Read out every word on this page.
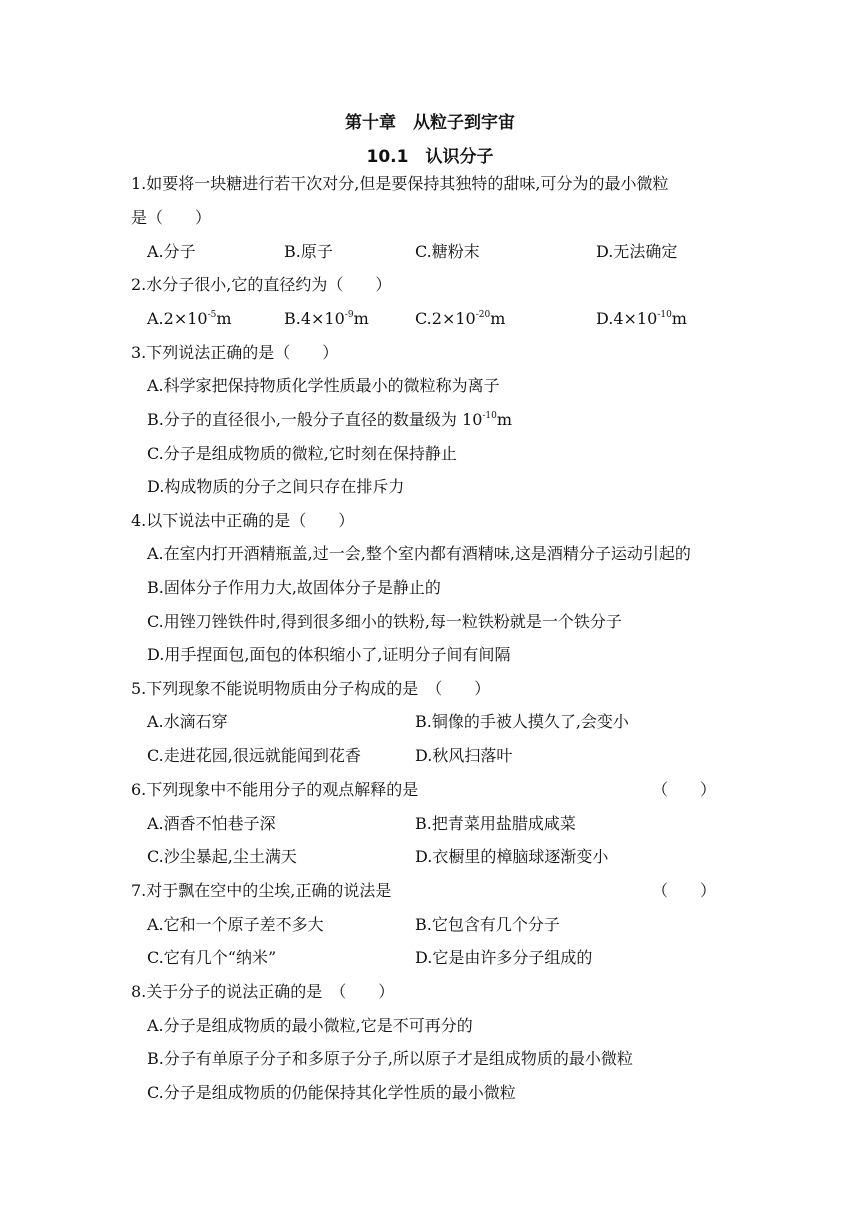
第十章　从粒子到宇宙
10.1　认识分子
1.如要将一块糖进行若干次对分,但是要保持其独特的甜味,可分为的最小微粒
是（　　）
A.分子	B.原子	C.糖粉末	D.无法确定
2.水分子很小,它的直径约为（　　）
$A.2\times 10^{-5}m$	$B.4\times 10^{-9}m$	$C.2\times 10^{-20}m$	$D.4\times 10^{-10}m$
3.下列说法正确的是（　　）
A.科学家把保持物质化学性质最小的微粒称为离子
B.分子的直径很小,一般分子直径的数量级为 $10^{-10}m$
C.分子是组成物质的微粒,它时刻在保持静止
D.构成物质的分子之间只存在排斥力
4.以下说法中正确的是（　　）
A.在室内打开酒精瓶盖,过一会,整个室内都有酒精味,这是酒精分子运动引起的
B.固体分子作用力大,故固体分子是静止的
C.用锉刀锉铁件时,得到很多细小的铁粉,每一粒铁粉就是一个铁分子
D.用手捏面包,面包的体积缩小了,证明分子间有间隔
5.下列现象不能说明物质由分子构成的是　（　　）
A.水滴石穿	B.铜像的手被人摸久了,会变小
C.走进花园,很远就能闻到花香	D.秋风扫落叶
6.下列现象中不能用分子的观点解释的是	（　　）
A.酒香不怕巷子深	B.把青菜用盐腊成咸菜
C.沙尘暴起,尘土满天	D.衣橱里的樟脑球逐渐变小
7.对于飘在空中的尘埃,正确的说法是	（　　）
A.它和一个原子差不多大	B.它包含有几个分子
C.它有几个“纳米”	D.它是由许多分子组成的
8.关于分子的说法正确的是　（　　）
A.分子是组成物质的最小微粒,它是不可再分的
B.分子有单原子分子和多原子分子,所以原子才是组成物质的最小微粒
C.分子是组成物质的仍能保持其化学性质的最小微粒
